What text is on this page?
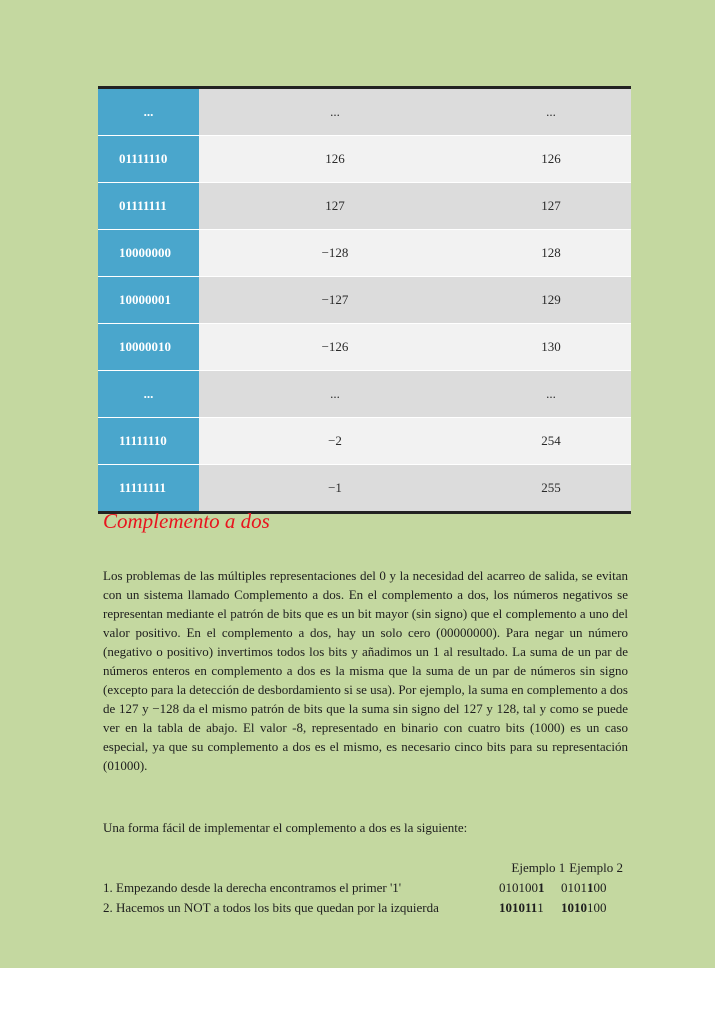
...	...	...
01111110	126	126
01111111	127	127
10000000	−128	128
10000001	−127	129
10000010	−126	130
...	...	...
11111110	−2	254
11111111	−1	255
Complemento a dos

Los problemas de las múltiples representaciones del 0 y la necesidad del acarreo de salida, se evitan con un sistema llamado Complemento a dos. En el complemento a dos, los números negativos se representan mediante el patrón de bits que es un bit mayor (sin signo) que el complemento a uno del valor positivo. En el complemento a dos, hay un solo cero (00000000). Para negar un número (negativo o positivo) invertimos todos los bits y añadimos un 1 al resultado. La suma de un par de números enteros en complemento a dos es la misma que la suma de un par de números sin signo (excepto para la detección de desbordamiento si se usa). Por ejemplo, la suma en complemento a dos de 127 y −128 da el mismo patrón de bits que la suma sin signo del 127 y 128, tal y como se puede ver en la tabla de abajo. El valor -8, representado en binario con cuatro bits (1000) es un caso especial, ya que su complemento a dos es el mismo, es necesario cinco bits para su representación (01000).

Una forma fácil de implementar el complemento a dos es la siguiente:

Ejemplo 1 Ejemplo 2
1. Empezando desde la derecha encontramos el primer '1'	0101001	0101100
2. Hacemos un NOT a todos los bits que quedan por la izquierda	1010111	1010100
